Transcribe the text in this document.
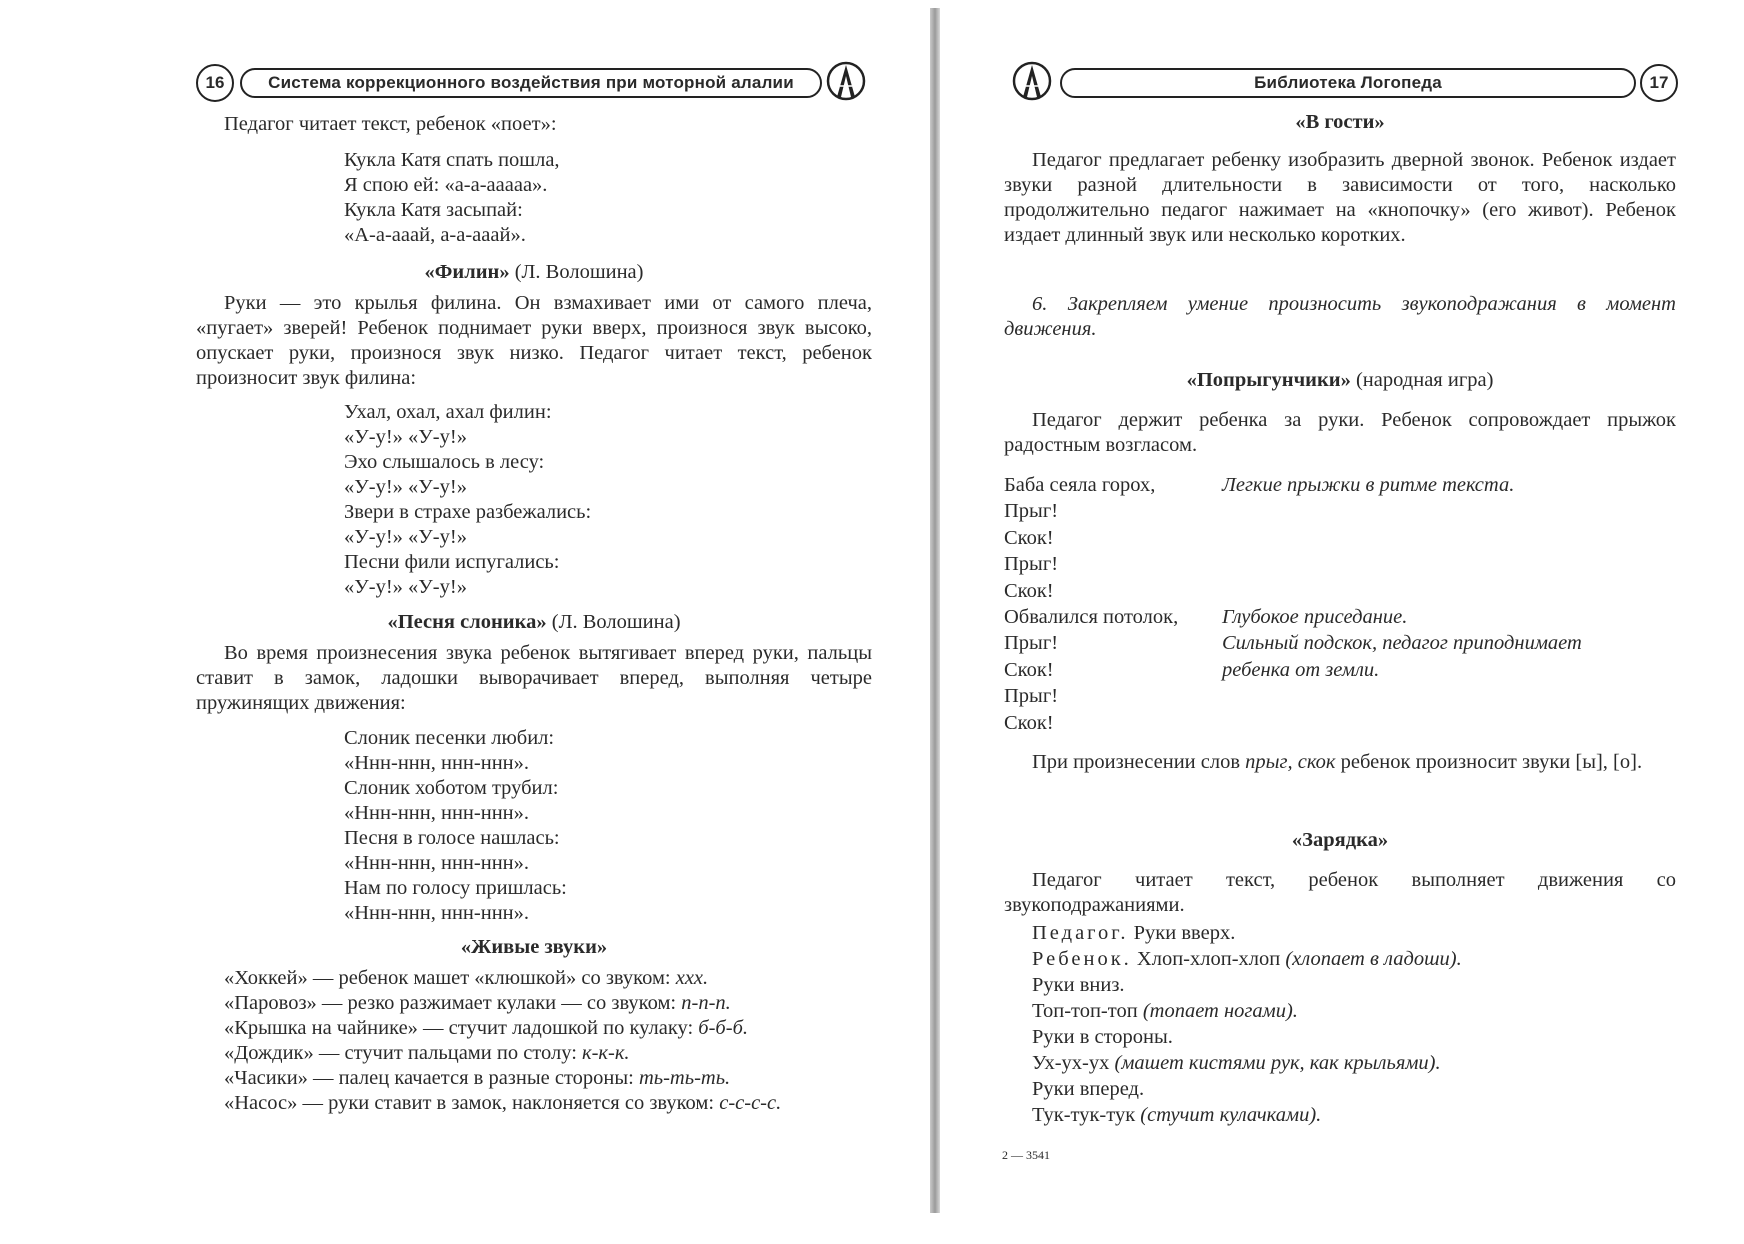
16	Система коррекционного воздействия при моторной алалии

Педагог читает текст, ребенок «поет»:

Кукла Катя спать пошла,
Я спою ей: «а-а-ааааа».
Кукла Катя засыпай:
«А-а-ааай, а-а-ааай».

«Филин» (Л. Волошина)

Руки — это крылья филина. Он взмахивает ими от самого плеча, «пугает» зверей! Ребенок поднимает руки вверх, произнося звук высоко, опускает руки, произнося звук низко. Педагог читает текст, ребенок произносит звук филина:

Ухал, охал, ахал филин:
«У-у!» «У-у!»
Эхо слышалось в лесу:
«У-у!» «У-у!»
Звери в страхе разбежались:
«У-у!» «У-у!»
Песни фили испугались:
«У-у!» «У-у!»

«Песня слоника» (Л. Волошина)

Во время произнесения звука ребенок вытягивает вперед руки, пальцы ставит в замок, ладошки выворачивает вперед, выполняя четыре пружинящих движения:

Слоник песенки любил:
«Ннн-ннн, ннн-ннн».
Слоник хоботом трубил:
«Ннн-ннн, ннн-ннн».
Песня в голосе нашлась:
«Ннн-ннн, ннн-ннн».
Нам по голосу пришлась:
«Ннн-ннн, ннн-ннн».

«Живые звуки»

«Хоккей» — ребенок машет «клюшкой» со звуком: ххх.

«Паровоз» — резко разжимает кулаки — со звуком: п-п-п.

«Крышка на чайнике» — стучит ладошкой по кулаку: б-б-б.

«Дождик» — стучит пальцами по столу: к-к-к.

«Часики» — палец качается в разные стороны: ть-ть-ть.

«Насос» — руки ставит в замок, наклоняется со звуком: с-с-с-с.

Библиотека Логопеда	17

«В гости»

Педагог предлагает ребенку изобразить дверной звонок. Ребенок издает звуки разной длительности в зависимости от того, насколько продолжительно педагог нажимает на «кнопочку» (его живот). Ребенок издает длинный звук или несколько коротких.

6. Закрепляем умение произносить звукоподражания в момент движения.

«Попрыгунчики» (народная игра)

Педагог держит ребенка за руки. Ребенок сопровождает прыжок радостным возгласом.

Баба сеяла горох,	Легкие прыжки в ритме текста.
Прыг!
Скок!
Прыг!
Скок!
Обвалился потолок,	Глубокое приседание.
Прыг!	Сильный подскок, педагог приподнимает
Скок!	ребенка от земли.
Прыг!
Скок!

При произнесении слов прыг, скок ребенок произносит звуки [ы], [о].

«Зарядка»

Педагог читает текст, ребенок выполняет движения со звукоподражаниями.

Педагог. Руки вверх.

Ребенок. Хлоп-хлоп-хлоп (хлопает в ладоши).

Руки вниз.

Топ-топ-топ (топает ногами).

Руки в стороны.

Ух-ух-ух (машет кистями рук, как крыльями).

Руки вперед.

Тук-тук-тук (стучит кулачками).

2 — 3541
